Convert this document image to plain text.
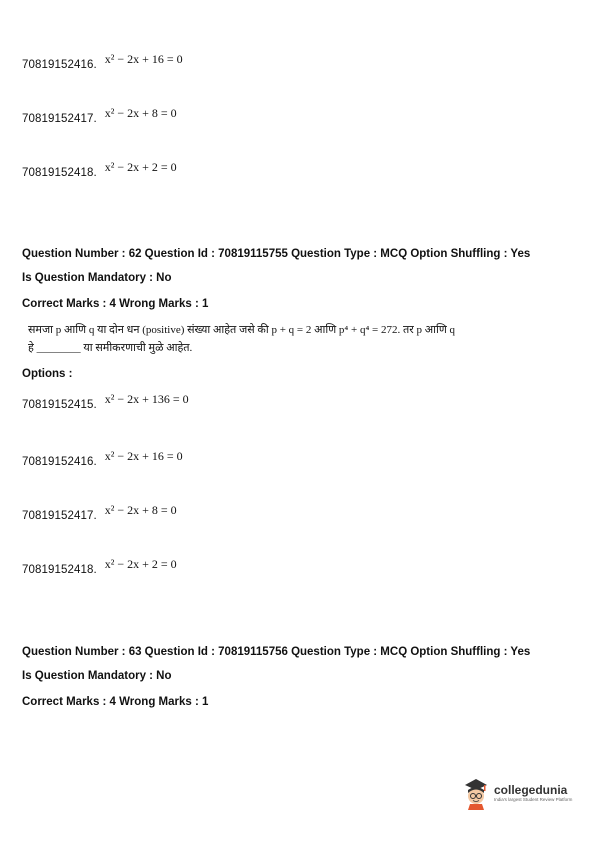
70819152416. x² − 2x + 16 = 0
70819152417. x² − 2x + 8 = 0
70819152418. x² − 2x + 2 = 0
Question Number : 62 Question Id : 70819115755 Question Type : MCQ Option Shuffling : Yes
Is Question Mandatory : No
Correct Marks : 4 Wrong Marks : 1
समजा p आणि q या दोन धन (positive) संख्या आहेत जसे की p + q = 2 आणि p⁴ + q⁴ = 272. तर p आणि q
हे ________ या समीकरणाची मुळे आहेत.
Options :
70819152415. x² − 2x + 136 = 0
70819152416. x² − 2x + 16 = 0
70819152417. x² − 2x + 8 = 0
70819152418. x² − 2x + 2 = 0
Question Number : 63 Question Id : 70819115756 Question Type : MCQ Option Shuffling : Yes
Is Question Mandatory : No
Correct Marks : 4 Wrong Marks : 1
collegedunia
India's largest Student Review Platform
